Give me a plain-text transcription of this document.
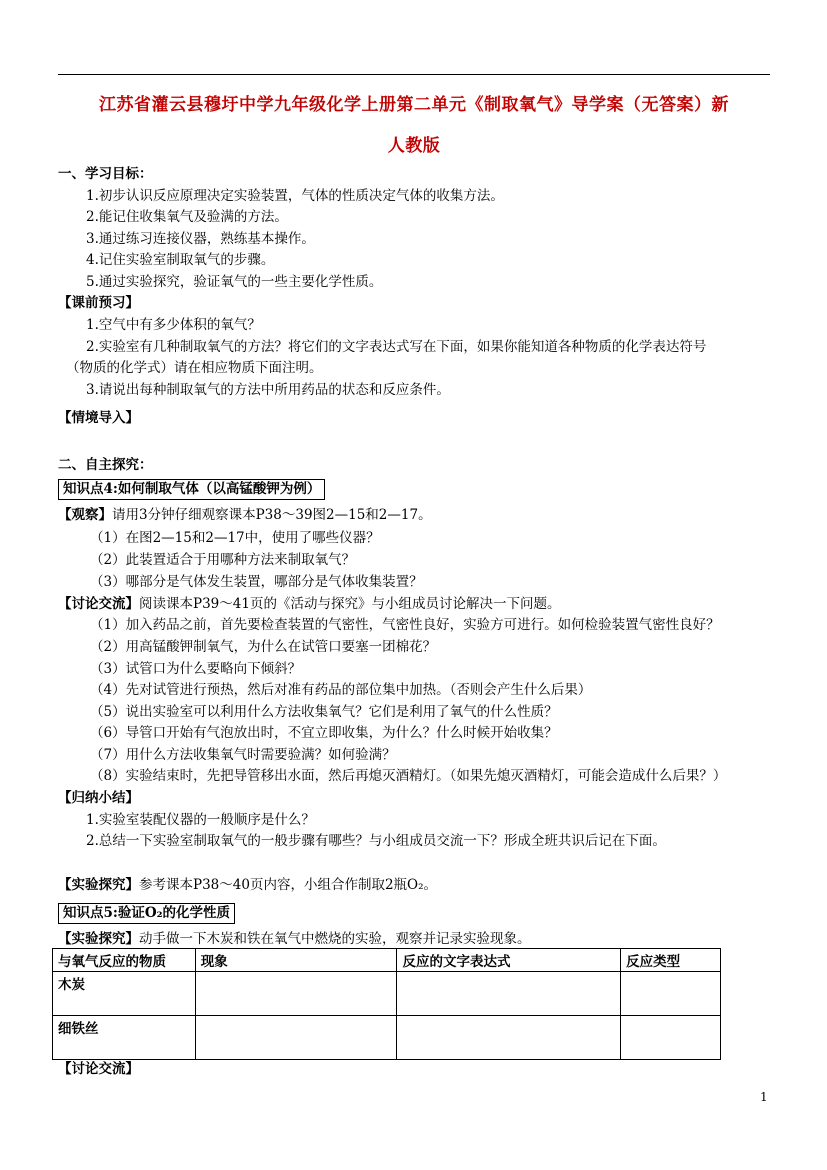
江苏省灌云县穆圩中学九年级化学上册第二单元《制取氧气》导学案（无答案）新
人教版
一、学习目标：
1.初步认识反应原理决定实验装置，气体的性质决定气体的收集方法。
2.能记住收集氧气及验满的方法。
3.通过练习连接仪器，熟练基本操作。
4.记住实验室制取氧气的步骤。
5.通过实验探究，验证氧气的一些主要化学性质。
【课前预习】
1.空气中有多少体积的氧气？
2.实验室有几种制取氧气的方法？将它们的文字表达式写在下面，如果你能知道各种物质的化学表达符号
（物质的化学式）请在相应物质下面注明。
3.请说出每种制取氧气的方法中所用药品的状态和反应条件。
【情境导入】
二、自主探究：
知识点4:如何制取气体（以高锰酸钾为例）
【观察】请用3分钟仔细观察课本P38～39图2—15和2—17。
（1）在图2—15和2—17中，使用了哪些仪器？
（2）此装置适合于用哪种方法来制取氧气？
（3）哪部分是气体发生装置，哪部分是气体收集装置？
【讨论交流】阅读课本P39～41页的《活动与探究》与小组成员讨论解决一下问题。
（1）加入药品之前，首先要检查装置的气密性，气密性良好，实验方可进行。如何检验装置气密性良好？
（2）用高锰酸钾制氧气，为什么在试管口要塞一团棉花？
（3）试管口为什么要略向下倾斜？
（4）先对试管进行预热，然后对准有药品的部位集中加热。（否则会产生什么后果）
（5）说出实验室可以利用什么方法收集氧气？它们是利用了氧气的什么性质？
（6）导管口开始有气泡放出时，不宜立即收集，为什么？什么时候开始收集？
（7）用什么方法收集氧气时需要验满？如何验满？
（8）实验结束时，先把导管移出水面，然后再熄灭酒精灯。（如果先熄灭酒精灯，可能会造成什么后果？）
【归纳小结】
1.实验室装配仪器的一般顺序是什么？
2.总结一下实验室制取氧气的一般步骤有哪些？与小组成员交流一下？形成全班共识后记在下面。
【实验探究】参考课本P38～40页内容，小组合作制取2瓶O₂。
知识点5:验证O₂的化学性质
【实验探究】动手做一下木炭和铁在氧气中燃烧的实验，观察并记录实验现象。
与氧气反应的物质	现象	反应的文字表达式	反应类型
木炭			
细铁丝			
【讨论交流】
1
